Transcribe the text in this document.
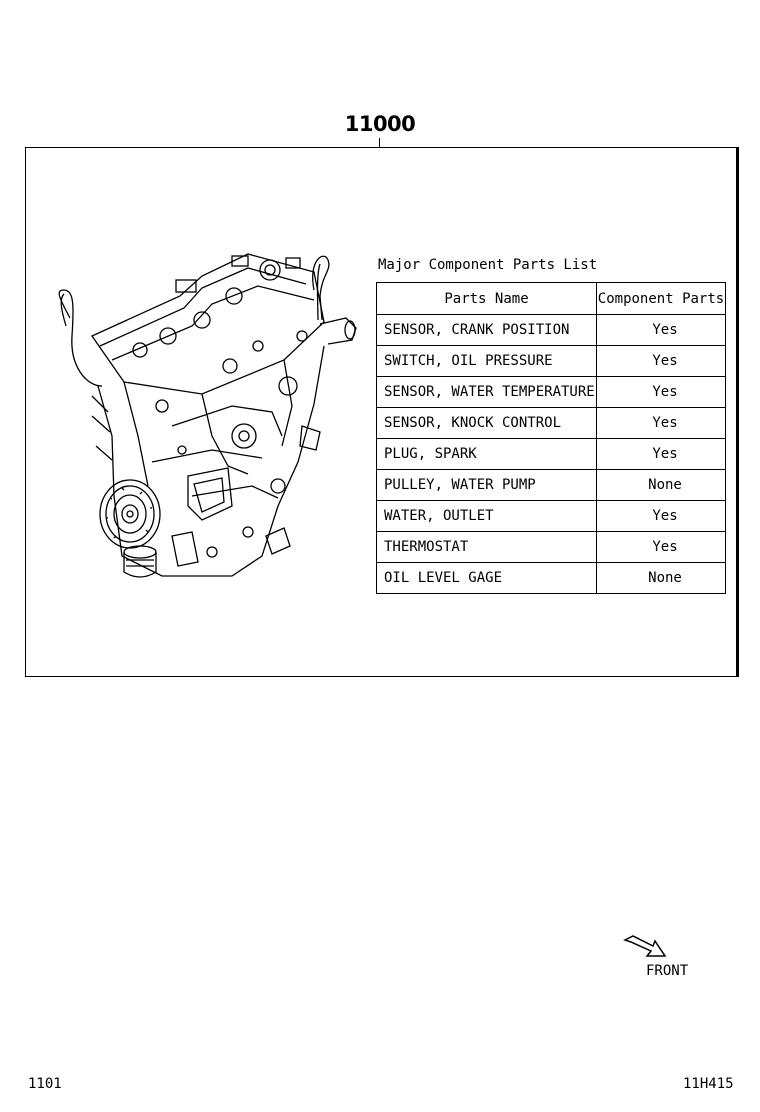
11000
Major Component Parts List
Parts Name	Component Parts
SENSOR, CRANK POSITION	Yes
SWITCH, OIL PRESSURE	Yes
SENSOR, WATER TEMPERATURE	Yes
SENSOR, KNOCK CONTROL	Yes
PLUG, SPARK	Yes
PULLEY, WATER PUMP	None
WATER, OUTLET	Yes
THERMOSTAT	Yes
OIL LEVEL GAGE	None
FRONT
1101	11H415
